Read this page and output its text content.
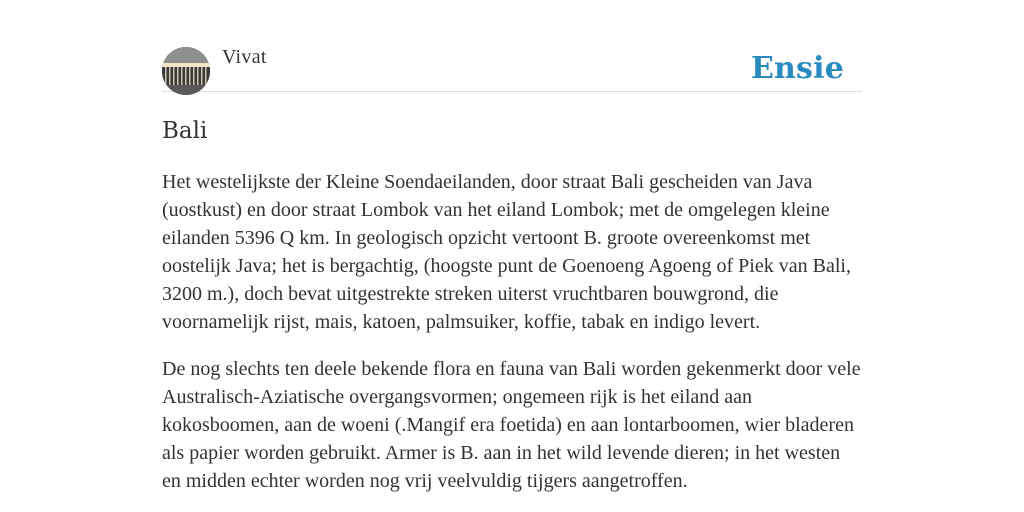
Vivat	Ensie
Bali

Het westelijkste der Kleine Soendaeilanden, door straat Bali gescheiden van Java (uostkust) en door straat Lombok van het eiland Lombok; met de omgelegen kleine eilanden 5396 Q km. In geologisch opzicht vertoont B. groote overeenkomst met oostelijk Java; het is bergachtig, (hoogste punt de Goenoeng Agoeng of Piek van Bali, 3200 m.), doch bevat uitgestrekte streken uiterst vruchtbaren bouwgrond, die voornamelijk rijst, mais, katoen, palmsuiker, koffie, tabak en indigo levert.

De nog slechts ten deele bekende flora en fauna van Bali worden gekenmerkt door vele Australisch-Aziatische overgangsvormen; ongemeen rijk is het eiland aan kokosboomen, aan de woeni (.Mangif era foetida) en aan lontarboomen, wier bladeren als papier worden gebruikt. Armer is B. aan in het wild levende dieren; in het westen en midden echter worden nog vrij veelvuldig tijgers aangetroffen.
